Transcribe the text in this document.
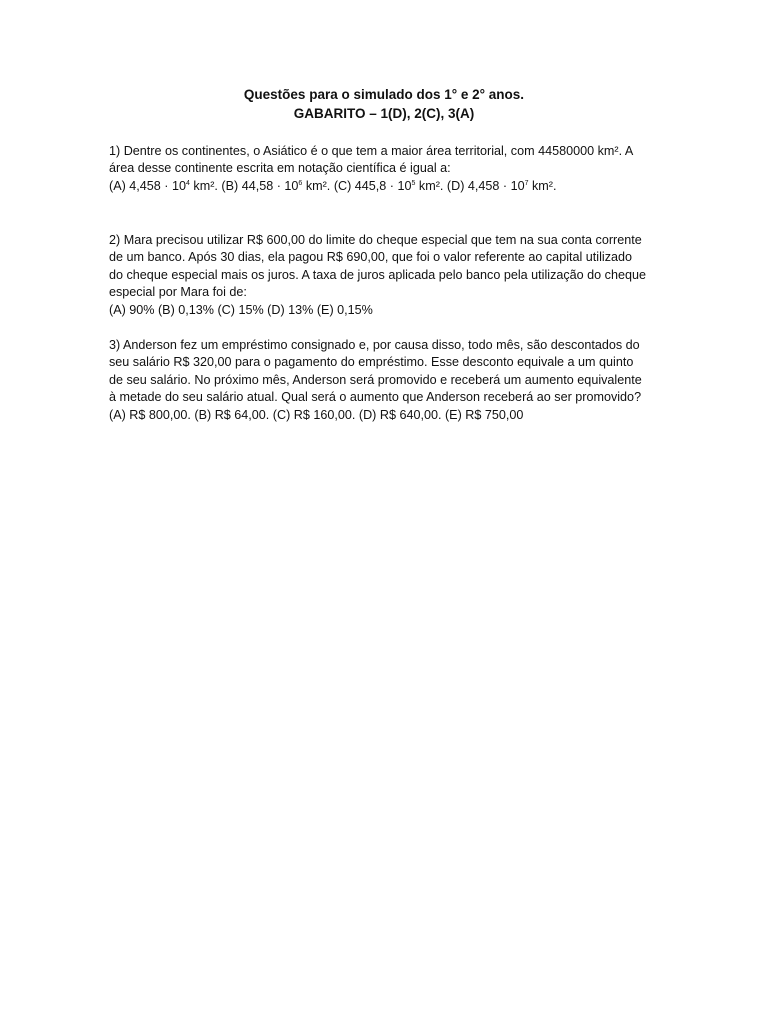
Questões para o simulado dos 1° e 2° anos.
GABARITO – 1(D), 2(C), 3(A)
1) Dentre os continentes, o Asiático é o que tem a maior área territorial, com 44580000 km². A
área desse continente escrita em notação científica é igual a:
(A) $4,458 \cdot 10^4$ km². (B) $44,58 \cdot 10^6$ km². (C) $445,8 \cdot 10^5$ km². (D) $4,458 \cdot 10^7$ km².
2) Mara precisou utilizar R$ 600,00 do limite do cheque especial que tem na sua conta corrente
de um banco. Após 30 dias, ela pagou R$ 690,00, que foi o valor referente ao capital utilizado
do cheque especial mais os juros. A taxa de juros aplicada pelo banco pela utilização do cheque
especial por Mara foi de:
(A) 90% (B) 0,13% (C) 15% (D) 13% (E) 0,15%
3) Anderson fez um empréstimo consignado e, por causa disso, todo mês, são descontados do
seu salário R$ 320,00 para o pagamento do empréstimo. Esse desconto equivale a um quinto
de seu salário. No próximo mês, Anderson será promovido e receberá um aumento equivalente
à metade do seu salário atual. Qual será o aumento que Anderson receberá ao ser promovido?
(A) R$ 800,00. (B) R$ 64,00. (C) R$ 160,00. (D) R$ 640,00. (E) R$ 750,00
